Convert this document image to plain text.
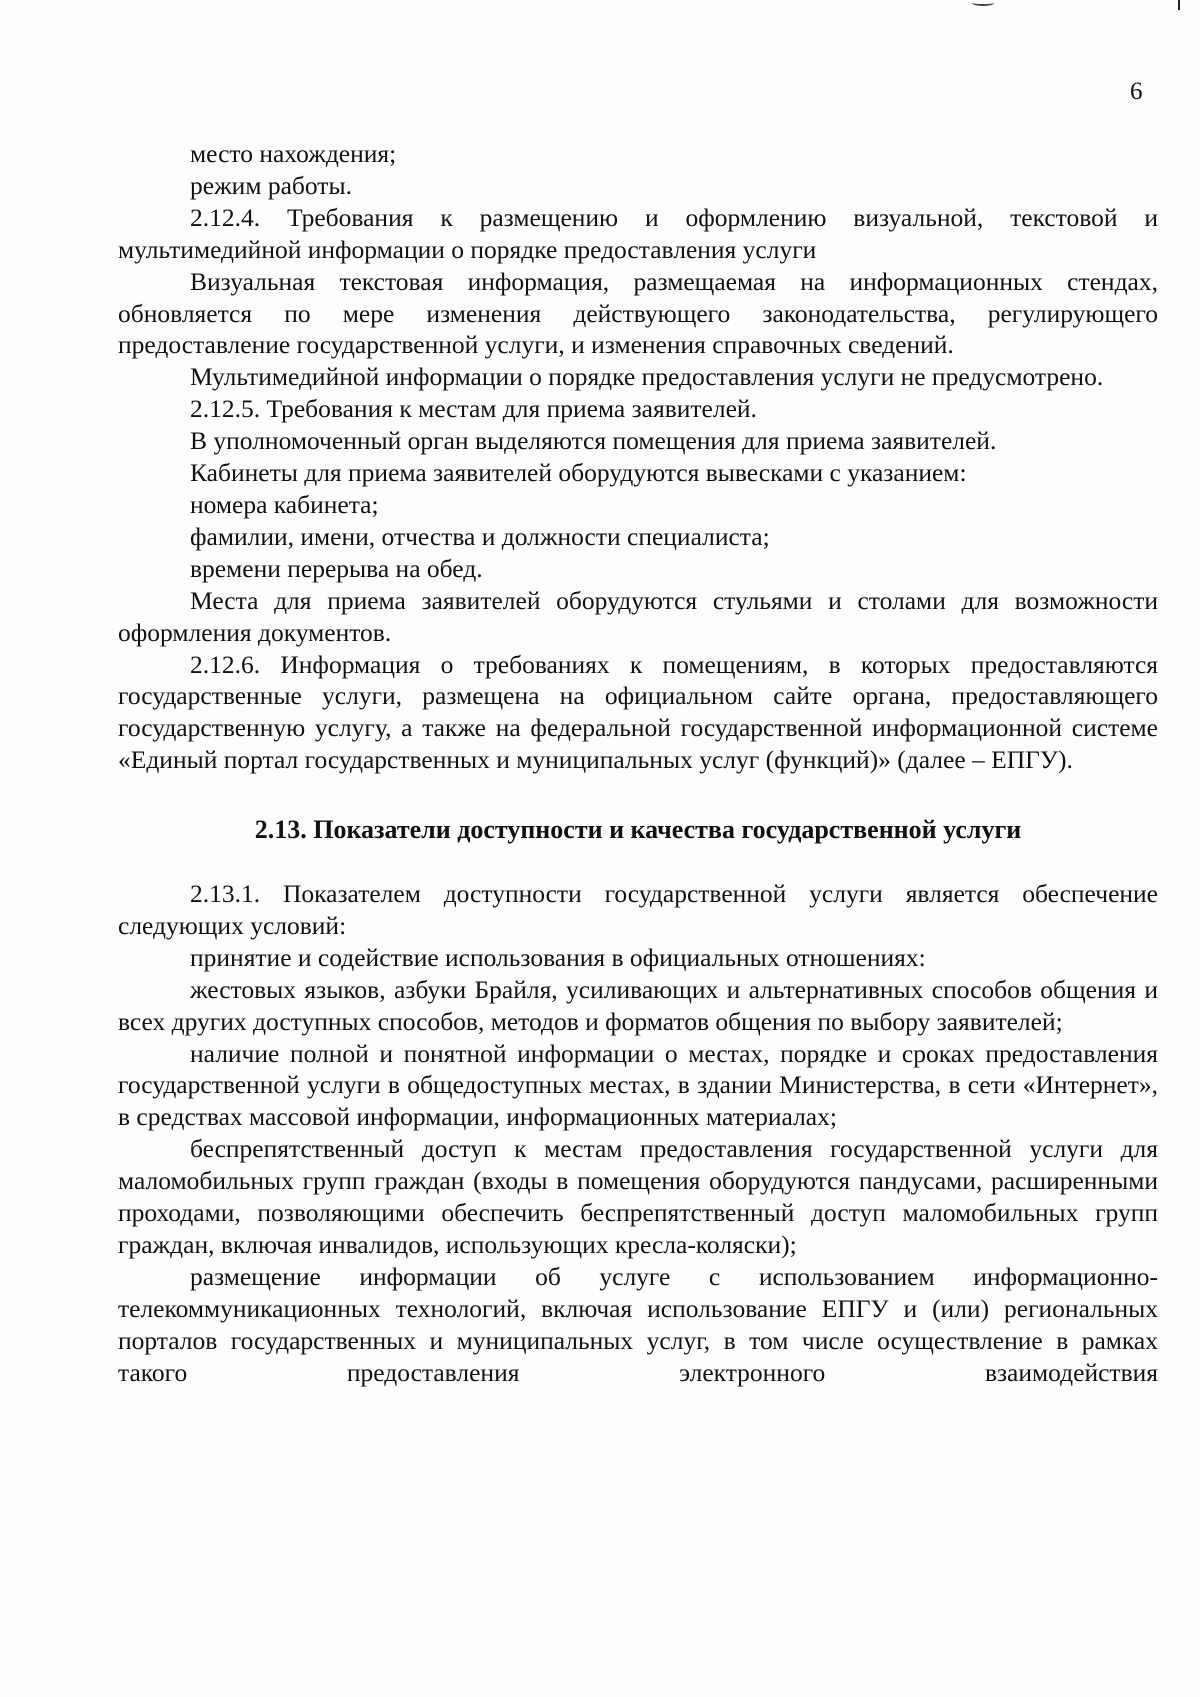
6

место нахождения;

режим работы.

2.12.4. Требования к размещению и оформлению визуальной, текстовой и мультимедийной информации о порядке предоставления услуги

Визуальная текстовая информация, размещаемая на информационных стендах, обновляется по мере изменения действующего законодательства, регулирующего предоставление государственной услуги, и изменения справочных сведений.

Мультимедийной информации о порядке предоставления услуги не предусмотрено.

2.12.5. Требования к местам для приема заявителей.

В уполномоченный орган выделяются помещения для приема заявителей.

Кабинеты для приема заявителей оборудуются вывесками с указанием:

номера кабинета;

фамилии, имени, отчества и должности специалиста;

времени перерыва на обед.

Места для приема заявителей оборудуются стульями и столами для возможности оформления документов.

2.12.6. Информация о требованиях к помещениям, в которых предоставляются государственные услуги, размещена на официальном сайте органа, предоставляющего государственную услугу, а также на федеральной государственной информационной системе «Единый портал государственных и муниципальных услуг (функций)» (далее – ЕПГУ).

2.13. Показатели доступности и качества государственной услуги

2.13.1. Показателем доступности государственной услуги является обеспечение следующих условий:

принятие и содействие использования в официальных отношениях:

жестовых языков, азбуки Брайля, усиливающих и альтернативных способов общения и всех других доступных способов, методов и форматов общения по выбору заявителей;

наличие полной и понятной информации о местах, порядке и сроках предоставления государственной услуги в общедоступных местах, в здании Министерства, в сети «Интернет», в средствах массовой информации, информационных материалах;

беспрепятственный доступ к местам предоставления государственной услуги для маломобильных групп граждан (входы в помещения оборудуются пандусами, расширенными проходами, позволяющими обеспечить беспрепятственный доступ маломобильных групп граждан, включая инвалидов, использующих кресла-коляски);

размещение информации об услуге с использованием информационно-телекоммуникационных технологий, включая использование ЕПГУ и (или) региональных порталов государственных и муниципальных услуг, в том числе осуществление в рамках такого предоставления электронного взаимодействия
